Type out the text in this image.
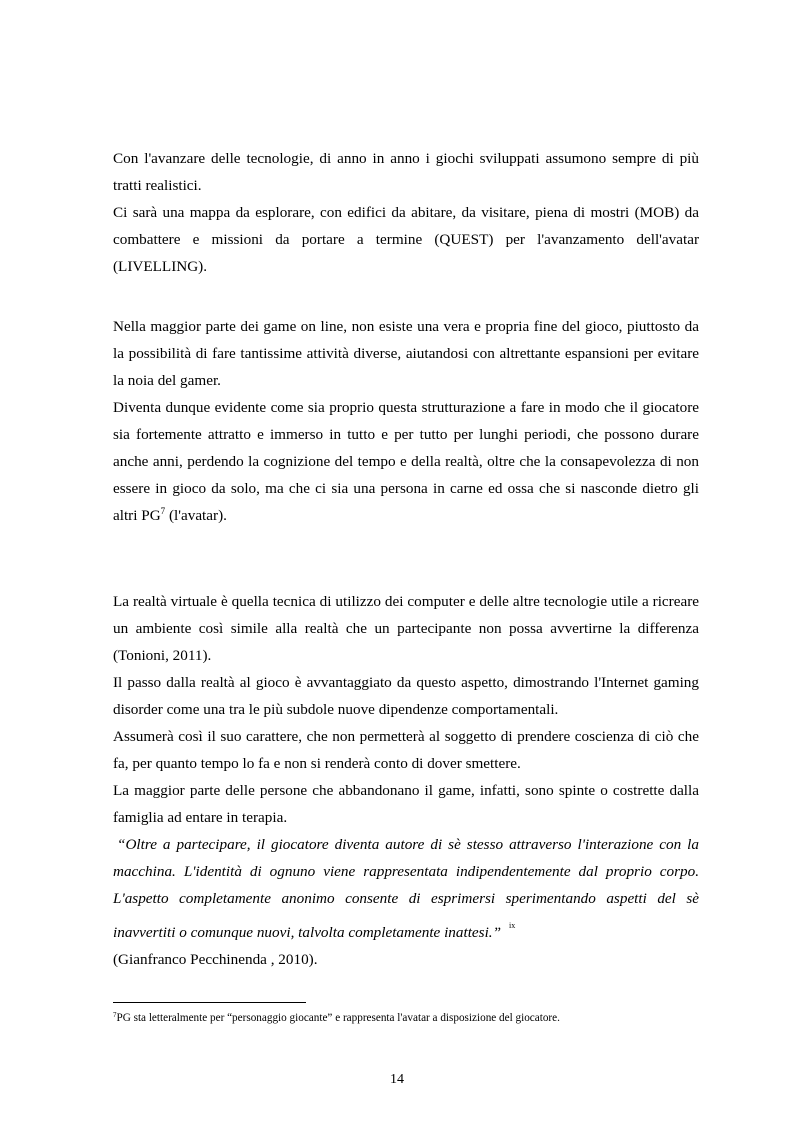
Con l'avanzare delle tecnologie, di anno in anno i giochi sviluppati assumono sempre di più tratti realistici.

Ci sarà una mappa da esplorare, con edifici da abitare, da visitare, piena di mostri (MOB) da combattere e missioni da portare a termine (QUEST) per l'avanzamento dell'avatar (LIVELLING).

Nella maggior parte dei game on line, non esiste una vera e propria fine del gioco, piuttosto da la possibilità di fare tantissime attività diverse, aiutandosi con altrettante espansioni per evitare la noia del gamer.

Diventa dunque evidente come sia proprio questa strutturazione a fare in modo che il giocatore sia fortemente attratto e immerso in tutto e per tutto per lunghi periodi, che possono durare anche anni, perdendo la cognizione del tempo e della realtà, oltre che la consapevolezza di non essere in gioco da solo, ma che ci sia una persona in carne ed ossa che si nasconde dietro gli altri PG$^7$ (l'avatar).

La realtà virtuale è quella tecnica di utilizzo dei computer e delle altre tecnologie utile a ricreare un ambiente così simile alla realtà che un partecipante non possa avvertirne la differenza (Tonioni, 2011).

Il passo dalla realtà al gioco è avvantaggiato da questo aspetto, dimostrando l'Internet gaming disorder come una tra le più subdole nuove dipendenze comportamentali.

Assumerà così il suo carattere, che non permetterà al soggetto di prendere coscienza di ciò che fa, per quanto tempo lo fa e non si renderà conto di dover smettere.

La maggior parte delle persone che abbandonano il game, infatti, sono spinte o costrette dalla famiglia ad entare in terapia.

“Oltre a partecipare, il giocatore diventa autore di sè stesso attraverso l'interazione con la macchina. L'identità di ognuno viene rappresentata indipendentemente dal proprio corpo. L'aspetto completamente anonimo consente di esprimersi sperimentando aspetti del sè inavvertiti o comunque nuovi, talvolta completamente inattesi.” $^{ix}$

(Gianfranco Pecchinenda , 2010).

$^7$PG sta letteralmente per “personaggio giocante” e rappresenta l'avatar a disposizione del giocatore.
14
